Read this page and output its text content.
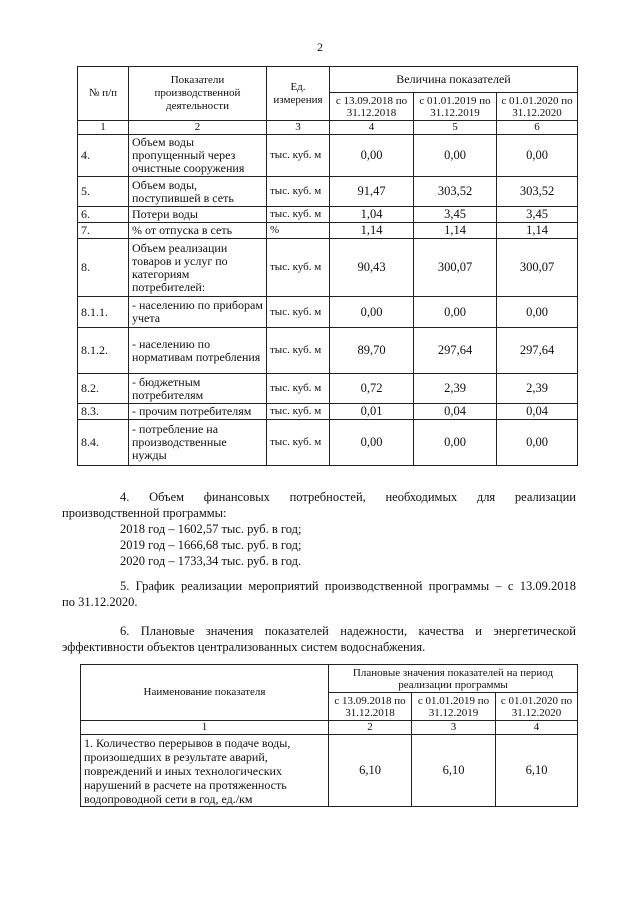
2
№ п/п	Показатели производственной деятельности	Ед. измерения	Величина показателей		
			с 13.09.2018 по 31.12.2018	с 01.01.2019 по 31.12.2019	с 01.01.2020 по 31.12.2020
1	2	3	4	5	6
4.	Объем воды пропущенный через очистные сооружения	тыс. куб. м	0,00	0,00	0,00
5.	Объем воды, поступившей в сеть	тыс. куб. м	91,47	303,52	303,52
6.	Потери воды	тыс. куб. м	1,04	3,45	3,45
7.	% от отпуска в сеть	%	1,14	1,14	1,14
8.	Объем реализации товаров и услуг по категориям потребителей:	тыс. куб. м	90,43	300,07	300,07
8.1.1.	- населению по приборам учета	тыс. куб. м	0,00	0,00	0,00
8.1.2.	- населению по нормативам потребления	тыс. куб. м	89,70	297,64	297,64
8.2.	- бюджетным потребителям	тыс. куб. м	0,72	2,39	2,39
8.3.	- прочим потребителям	тыс. куб. м	0,01	0,04	0,04
8.4.	- потребление на производственные нужды	тыс. куб. м	0,00	0,00	0,00
4. Объем финансовых потребностей, необходимых для реализации
производственной программы:
2018 год – 1602,57 тыс. руб. в год;
2019 год – 1666,68 тыс. руб. в год;
2020 год – 1733,34 тыс. руб. в год.
5. График реализации мероприятий производственной программы – с 13.09.2018
по 31.12.2020.
6. Плановые значения показателей надежности, качества и энергетической
эффективности объектов централизованных систем водоснабжения.
Наименование показателя	Плановые значения показателей на период реализации программы		
	с 13.09.2018 по 31.12.2018	с 01.01.2019 по 31.12.2019	с 01.01.2020 по 31.12.2020
1	2	3	4
1. Количество перерывов в подаче воды, произошедших в результате аварий, повреждений и иных технологических нарушений в расчете на протяженность водопроводной сети в год, ед./км	6,10	6,10	6,10
